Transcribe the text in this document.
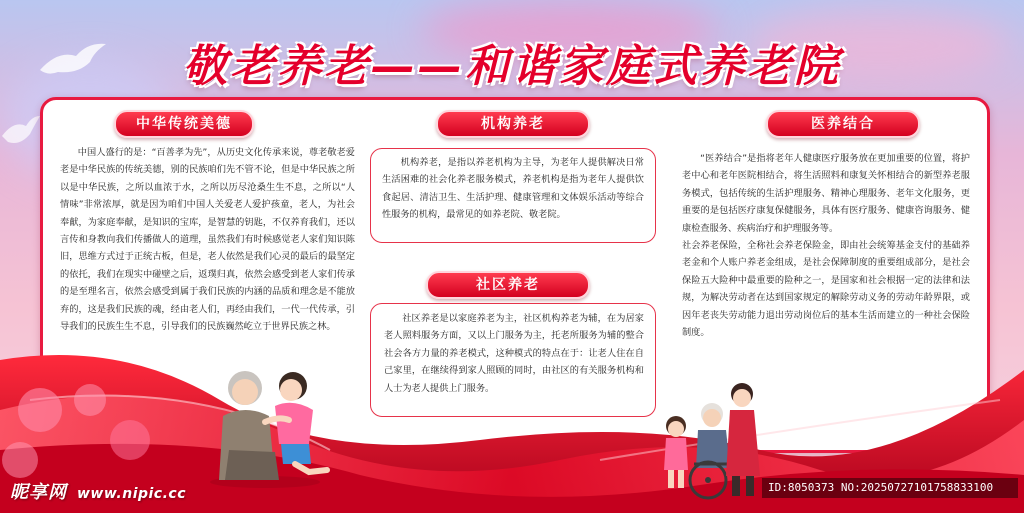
敬老养老——和谐家庭式养老院
中华传统美德
中国人盛行的是：“百善孝为先”，从历史文化传承来说，尊老敬老爱老是中华民族的传统美德，别的民族咱们先不管不论，但是中华民族之所以是中华民族，之所以血浓于水，之所以历尽沧桑生生不息，之所以“人情味”非常浓厚，就是因为咱们中国人关爱老人爱护孩童，老人，为社会奉献，为家庭奉献，是知识的宝库，是智慧的钥匙，不仅养育我们，还以言传和身教向我们传播做人的道理，虽然我们有时候感觉老人家们知识陈旧，思维方式过于正统古板，但是，老人依然是我们心灵的最后的最坚定的依托，我们在现实中碰壁之后，返璞归真，依然会感受到老人家们传承的是至理名言，依然会感受到属于我们民族的内涵的品质和理念是不能放弃的，这是我们民族的魂，经由老人们，再经由我们，一代一代传承，引导我们的民族生生不息，引导我们的民族巍然屹立于世界民族之林。
机构养老
机构养老，是指以养老机构为主导，为老年人提供解决日常生活困难的社会化养老服务模式，养老机构是指为老年人提供饮食起居、清洁卫生、生活护理、健康管理和文体娱乐活动等综合性服务的机构，最常见的如养老院、敬老院。
社区养老
社区养老是以家庭养老为主，社区机构养老为辅，在为居家老人照料服务方面，又以上门服务为主，托老所服务为辅的整合社会各方力量的养老模式，这种模式的特点在于：让老人住在自己家里，在继续得到家人照顾的同时，由社区的有关服务机构和人士为老人提供上门服务。
医养结合
“医养结合”是指将老年人健康医疗服务放在更加重要的位置，将护老中心和老年医院相结合，将生活照料和康复关怀相结合的新型养老服务模式，包括传统的生活护理服务、精神心理服务、老年文化服务，更重要的是包括医疗康复保健服务，具体有医疗服务、健康咨询服务、健康检查服务、疾病治疗和护理服务等。
社会养老保险，全称社会养老保险金，即由社会统筹基金支付的基础养老金和个人账户养老金组成，是社会保障制度的重要组成部分，是社会保险五大险种中最重要的险种之一，是国家和社会根据一定的法律和法规，为解决劳动者在达到国家规定的解除劳动义务的劳动年龄界限，或因年老丧失劳动能力退出劳动岗位后的基本生活而建立的一种社会保险制度。
昵享网 www.nipic.cc	ID:8050373 NO:20250727101758833100
